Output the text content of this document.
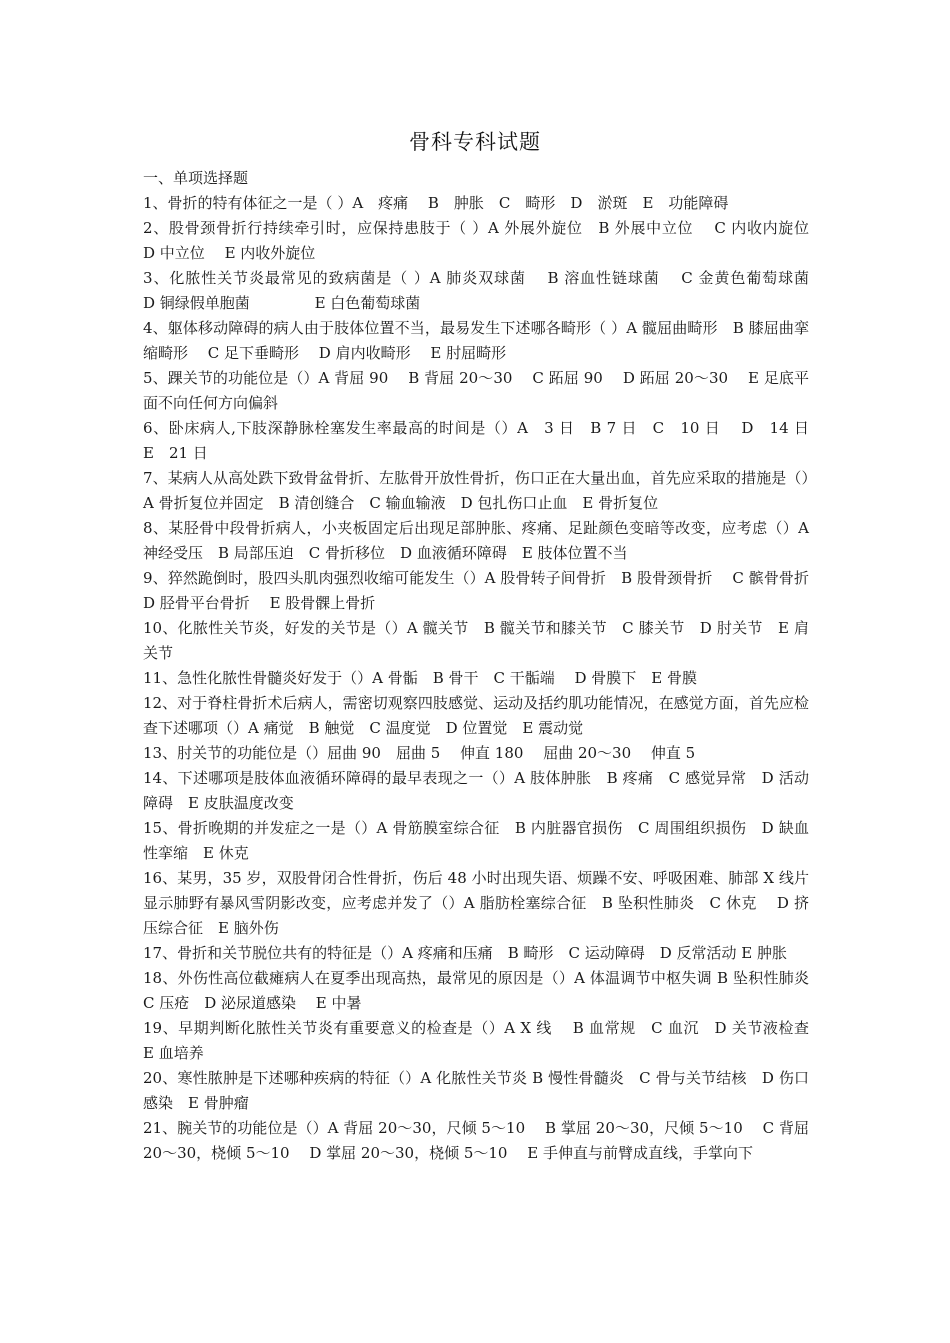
骨科专科试题
一、单项选择题
1、骨折的特有体征之一是（ ）A　疼痛　 B　肿胀　C　畸形　D　淤斑　E　功能障碍
2、股骨颈骨折行持续牵引时，应保持患肢于（ ）A 外展外旋位　B 外展中立位　 C 内收内旋位　 D 中立位　 E 内收外旋位
3、化脓性关节炎最常见的致病菌是（ ）A 肺炎双球菌　 B 溶血性链球菌　 C 金黄色葡萄球菌　　 D 铜绿假单胞菌　　　　 E 白色葡萄球菌
4、躯体移动障碍的病人由于肢体位置不当，最易发生下述哪各畸形（ ）A 髋屈曲畸形　B 膝屈曲挛缩畸形　 C 足下垂畸形　 D 肩内收畸形　 E 肘屈畸形
5、踝关节的功能位是（）A 背屈 90　 B 背屈 20～30　 C 跖屈 90　 D 跖屈 20～30　 E 足底平面不向任何方向偏斜
6、卧床病人,下肢深静脉栓塞发生率最高的时间是（）A　3 日　B 7 日　C　10 日　 D　14 日　　E　21 日
7、某病人从高处跌下致骨盆骨折、左肱骨开放性骨折，伤口正在大量出血，首先应采取的措施是（）A 骨折复位并固定　B 清创缝合　C 输血输液　D 包扎伤口止血　E 骨折复位
8、某胫骨中段骨折病人，小夹板固定后出现足部肿胀、疼痛、足趾颜色变暗等改变，应考虑（）A 神经受压　B 局部压迫　C 骨折移位　D 血液循环障碍　E 肢体位置不当
9、猝然跪倒时，股四头肌肉强烈收缩可能发生（）A 股骨转子间骨折　B 股骨颈骨折　 C 髌骨骨折　D 胫骨平台骨折　 E 股骨髁上骨折
10、化脓性关节炎，好发的关节是（）A 髋关节　B 髋关节和膝关节　C 膝关节　D 肘关节　E 肩关节
11、急性化脓性骨髓炎好发于（）A 骨骺　B 骨干　C 干骺端　 D 骨膜下　E 骨膜
12、对于脊柱骨折术后病人，需密切观察四肢感觉、运动及括约肌功能情况，在感觉方面，首先应检查下述哪项（）A 痛觉　B 触觉　C 温度觉　D 位置觉　E 震动觉
13、肘关节的功能位是（）屈曲 90　屈曲 5　 伸直 180　 屈曲 20～30　 伸直 5
14、下述哪项是肢体血液循环障碍的最早表现之一（）A 肢体肿胀　B 疼痛　C 感觉异常　D 活动障碍　E 皮肤温度改变
15、骨折晚期的并发症之一是（）A 骨筋膜室综合征　B 内脏器官损伤　C 周围组织损伤　D 缺血性挛缩　E 休克
16、某男，35 岁，双股骨闭合性骨折，伤后 48 小时出现失语、烦躁不安、呼吸困难、肺部 X 线片显示肺野有暴风雪阴影改变，应考虑并发了（）A 脂肪栓塞综合征　B 坠积性肺炎　C 休克　 D 挤压综合征　E 脑外伤
17、骨折和关节脱位共有的特征是（）A 疼痛和压痛　B 畸形　C 运动障碍　D 反常活动 E 肿胀
18、外伤性高位截瘫病人在夏季出现高热，最常见的原因是（）A 体温调节中枢失调 B 坠积性肺炎　C 压疮　D 泌尿道感染　 E 中暑
19、早期判断化脓性关节炎有重要意义的检查是（）A X 线　 B 血常规　C 血沉　D 关节液检查　E 血培养
20、寒性脓肿是下述哪种疾病的特征（）A 化脓性关节炎 B 慢性骨髓炎　C 骨与关节结核　D 伤口感染　E 骨肿瘤
21、腕关节的功能位是（）A 背屈 20～30，尺倾 5～10　 B 掌屈 20～30，尺倾 5～10　 C 背屈 20～30，桡倾 5～10　 D 掌屈 20～30，桡倾 5～10　 E 手伸直与前臂成直线，手掌向下
